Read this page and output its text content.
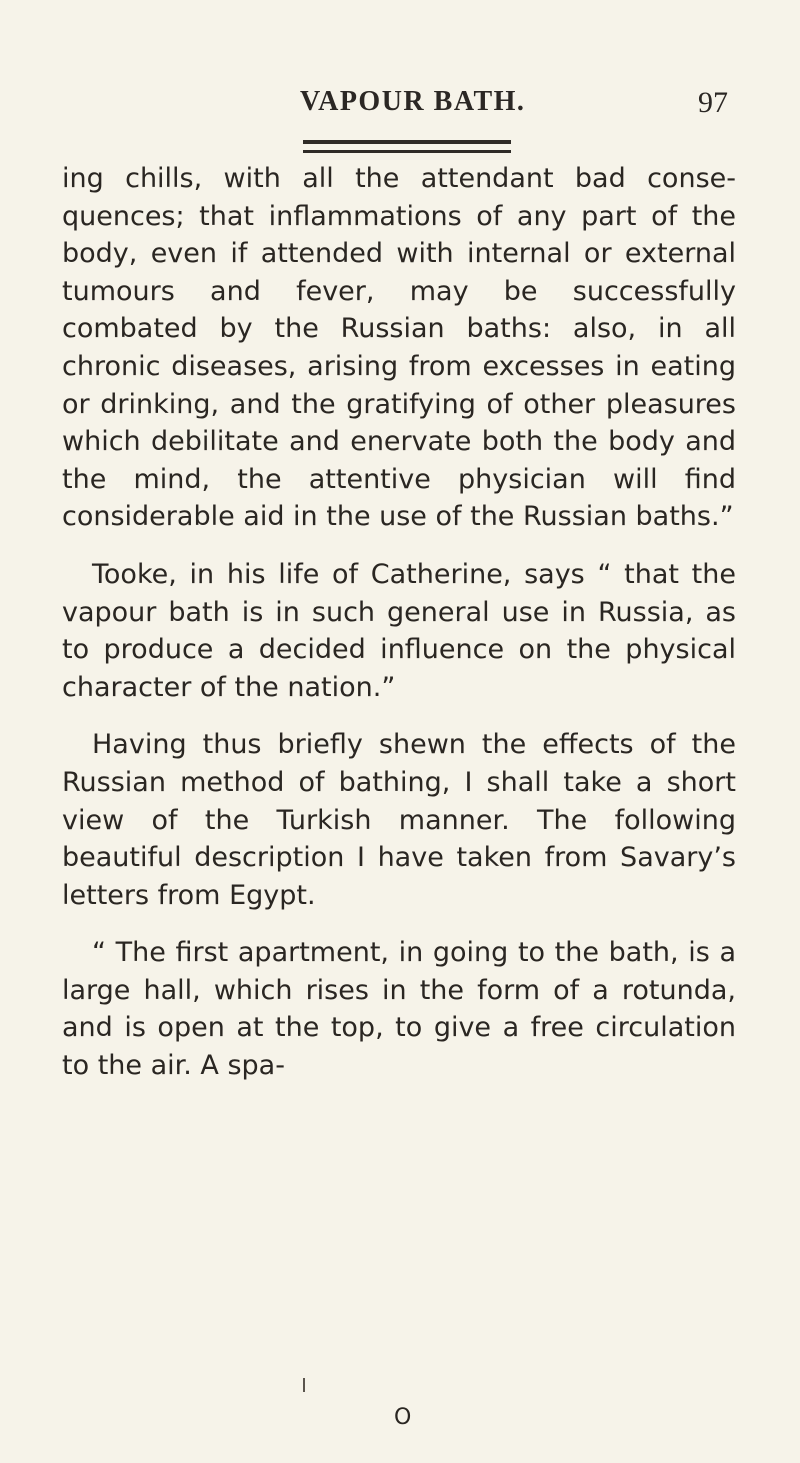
VAPOUR BATH.	97

ing chills, with all the attendant bad consequences; that inflammations of any part of the body, even if attended with internal or external tumours and fever, may be successfully combated by the Russian baths: also, in all chronic diseases, arising from excesses in eating or drinking, and the gratifying of other pleasures which debilitate and enervate both the body and the mind, the attentive physician will find considerable aid in the use of the Russian baths.”

Tooke, in his life of Catherine, says “ that the vapour bath is in such general use in Russia, as to produce a decided influence on the physical character of the nation.”

Having thus briefly shewn the effects of the Russian method of bathing, I shall take a short view of the Turkish manner. The following beautiful description I have taken from Savary’s letters from Egypt.

“ The first apartment, in going to the bath, is a large hall, which rises in the form of a rotunda, and is open at the top, to give a free circulation to the air. A spa-

O
